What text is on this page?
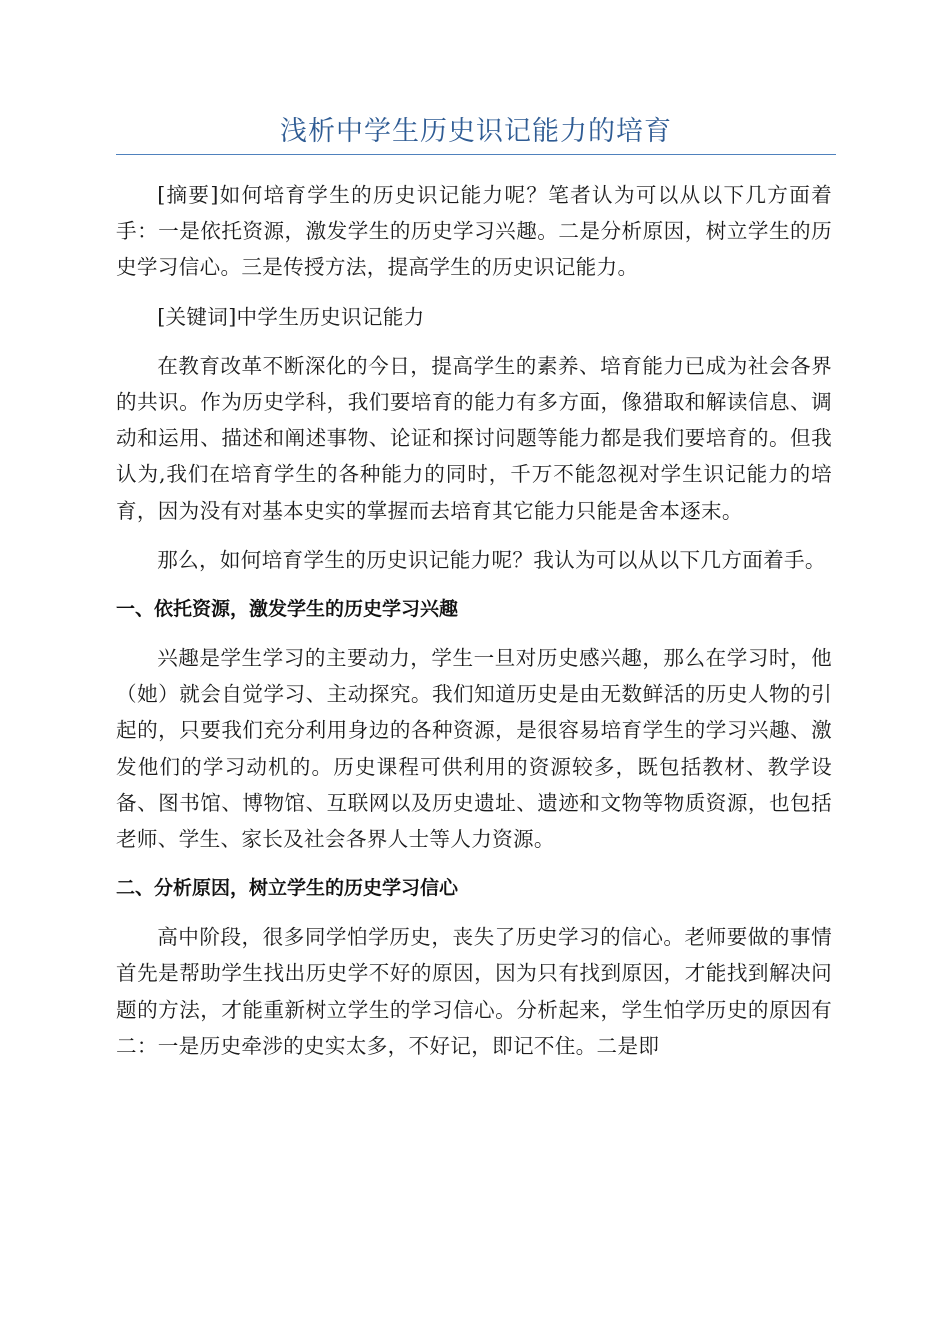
浅析中学生历史识记能力的培育

[摘要]如何培育学生的历史识记能力呢？笔者认为可以从以下几方面着手：一是依托资源，激发学生的历史学习兴趣。二是分析原因，树立学生的历史学习信心。三是传授方法，提高学生的历史识记能力。

[关键词]中学生历史识记能力

在教育改革不断深化的今日，提高学生的素养、培育能力已成为社会各界的共识。作为历史学科，我们要培育的能力有多方面，像猎取和解读信息、调动和运用、描述和阐述事物、论证和探讨问题等能力都是我们要培育的。但我认为,我们在培育学生的各种能力的同时，千万不能忽视对学生识记能力的培育，因为没有对基本史实的掌握而去培育其它能力只能是舍本逐末。

那么，如何培育学生的历史识记能力呢？我认为可以从以下几方面着手。

一、依托资源，激发学生的历史学习兴趣

兴趣是学生学习的主要动力，学生一旦对历史感兴趣，那么在学习时，他（她）就会自觉学习、主动探究。我们知道历史是由无数鲜活的历史人物的引起的，只要我们充分利用身边的各种资源，是很容易培育学生的学习兴趣、激发他们的学习动机的。历史课程可供利用的资源较多，既包括教材、教学设备、图书馆、博物馆、互联网以及历史遗址、遗迹和文物等物质资源，也包括老师、学生、家长及社会各界人士等人力资源。

二、分析原因，树立学生的历史学习信心

高中阶段，很多同学怕学历史，丧失了历史学习的信心。老师要做的事情首先是帮助学生找出历史学不好的原因，因为只有找到原因，才能找到解决问题的方法，才能重新树立学生的学习信心。分析起来，学生怕学历史的原因有二：一是历史牵涉的史实太多，不好记，即记不住。二是即
